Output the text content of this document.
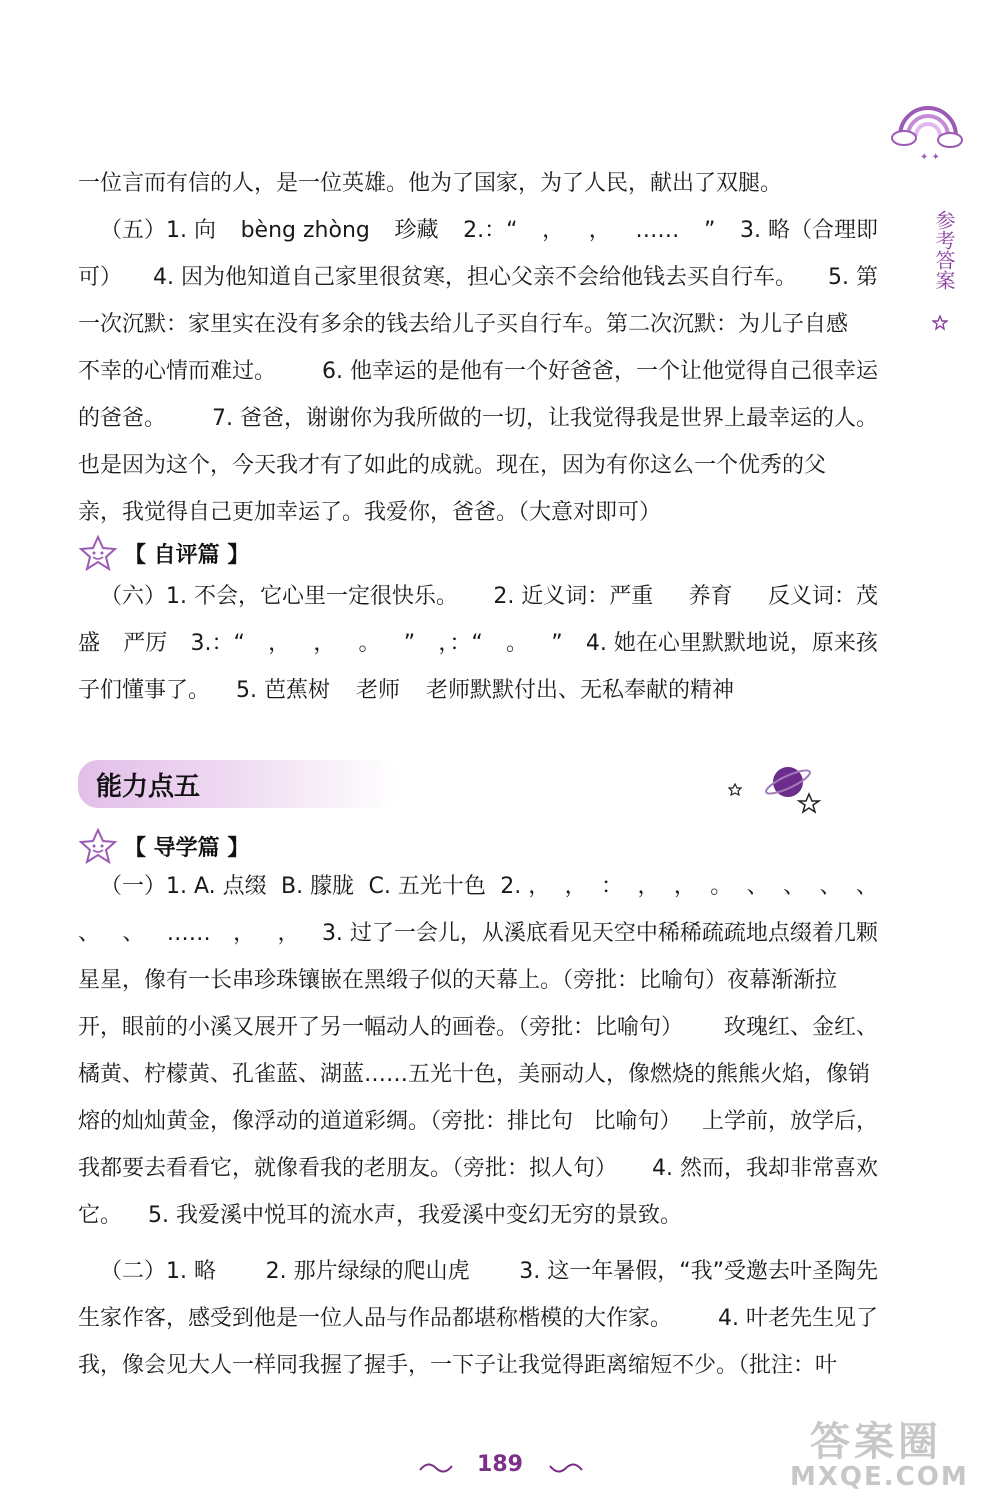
✦ ✦
参考答案
一位言而有信的人，是一位英雄。他为了国家，为了人民，献出了双腿。
（五）1. 向 bèng zhòng 珍藏 2.：“ ， ， …… ” 3. 略（合理即
可） 4. 因为他知道自己家里很贫寒，担心父亲不会给他钱去买自行车。 5. 第
一次沉默：家里实在没有多余的钱去给儿子买自行车。第二次沉默：为儿子自感
不幸的心情而难过。 6. 他幸运的是他有一个好爸爸，一个让他觉得自己很幸运
的爸爸。 7. 爸爸，谢谢你为我所做的一切，让我觉得我是世界上最幸运的人。
也是因为这个，今天我才有了如此的成就。现在，因为有你这么一个优秀的父
亲，我觉得自己更加幸运了。我爱你，爸爸。（大意对即可）
【 自评篇 】
（六）1. 不会，它心里一定很快乐。 2. 近义词：严重 养育 反义词：茂
盛 严厉 3.：“ ， ， 。 ” ，：“ 。 ” 4. 她在心里默默地说，原来孩
子们懂事了。 5. 芭蕉树 老师 老师默默付出、无私奉献的精神
能力点五
【 导学篇 】
（一）1. A. 点缀 B. 朦胧 C. 五光十色 2. ， ， ： ， ， 。 、 、 、 、
、 、 …… ， ， 3. 过了一会儿，从溪底看见天空中稀稀疏疏地点缀着几颗
星星，像有一长串珍珠镶嵌在黑缎子似的天幕上。（旁批：比喻句）夜幕渐渐拉
开，眼前的小溪又展开了另一幅动人的画卷。（旁批：比喻句） 玫瑰红、金红、
橘黄、柠檬黄、孔雀蓝、湖蓝……五光十色，美丽动人，像燃烧的熊熊火焰，像销
熔的灿灿黄金，像浮动的道道彩绸。（旁批：排比句 比喻句） 上学前，放学后，
我都要去看看它，就像看我的老朋友。（旁批：拟人句） 4. 然而，我却非常喜欢
它。 5. 我爱溪中悦耳的流水声，我爱溪中变幻无穷的景致。
（二）1. 略 2. 那片绿绿的爬山虎 3. 这一年暑假，“我”受邀去叶圣陶先
生家作客，感受到他是一位人品与作品都堪称楷模的大作家。 4. 叶老先生见了
我，像会见大人一样同我握了握手，一下子让我觉得距离缩短不少。（批注：叶
189	答案圈
MXQE.COM
